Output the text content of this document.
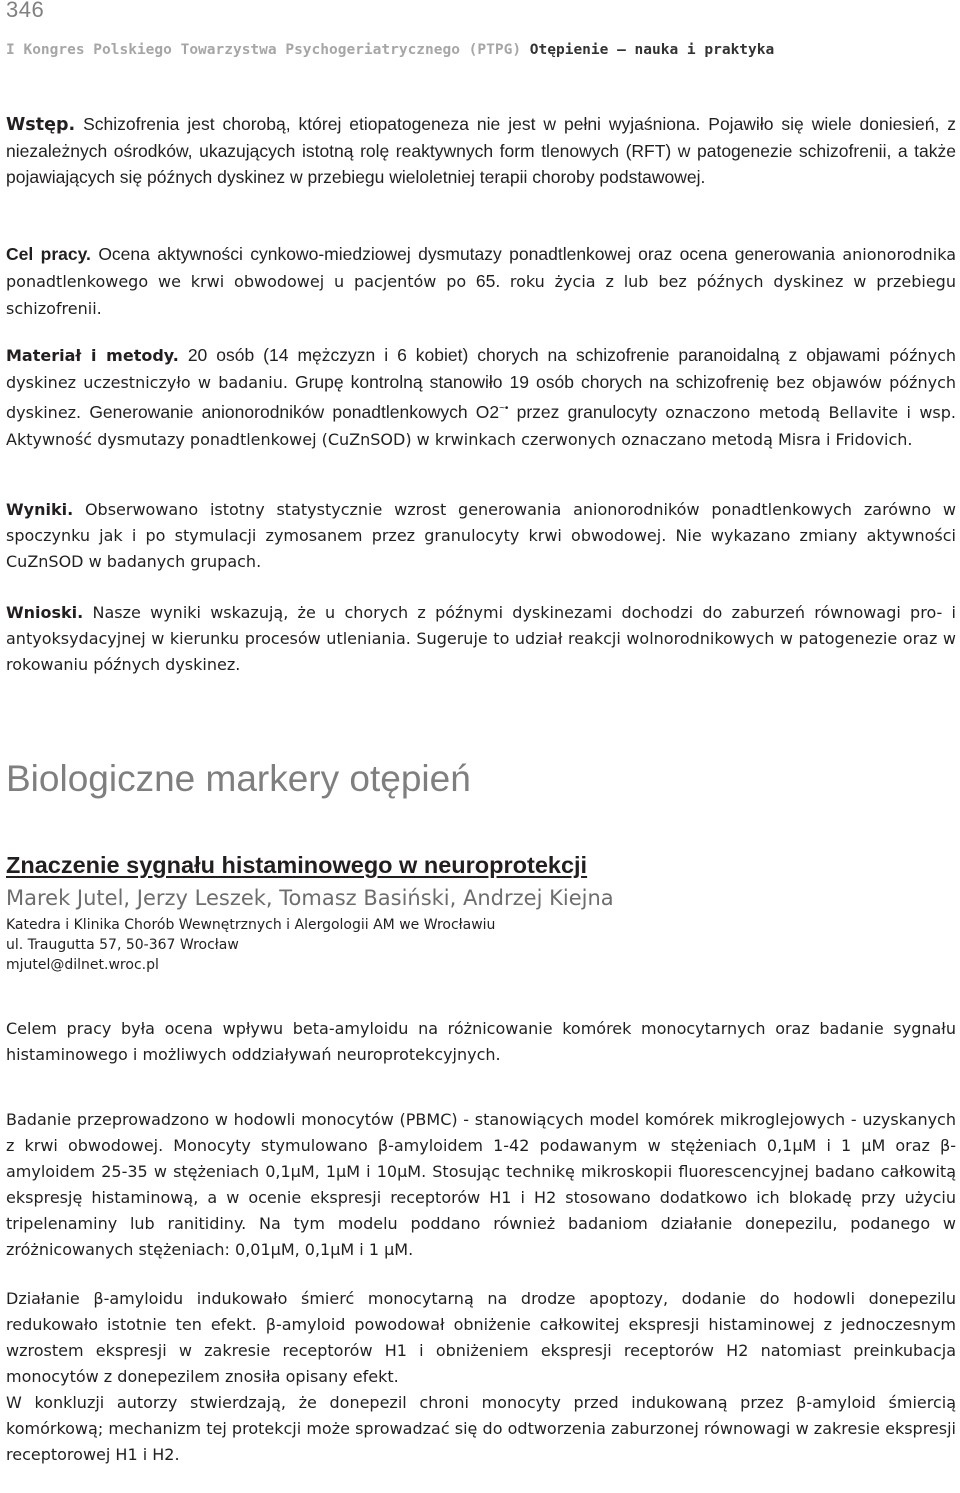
346
I Kongres Polskiego Towarzystwa Psychogeriatrycznego (PTPG) Otępienie – nauka i praktyka

Wstęp. Schizofrenia jest chorobą, której etiopatogeneza nie jest w pełni wyjaśniona. Pojawiło się wiele doniesień, z niezależnych ośrodków, ukazujących istotną rolę reaktywnych form tlenowych (RFT) w patogenezie schizofrenii, a także pojawiających się późnych dyskinez w przebiegu wieloletniej terapii choroby podstawowej.

Cel pracy. Ocena aktywności cynkowo-miedziowej dysmutazy ponadtlenkowej oraz ocena generowania anionorodnika ponadtlenkowego we krwi obwodowej u pacjentów po 65. roku życia z lub bez późnych dyskinez w przebiegu schizofrenii.

Materiał i metody. 20 osób (14 mężczyzn i 6 kobiet) chorych na schizofrenie paranoidalną z objawami późnych dyskinez uczestniczyło w badaniu. Grupę kontrolną stanowiło 19 osób chorych na schizofrenię bez objawów późnych dyskinez. Generowanie anionorodników ponadtlenkowych O2~• przez granulocyty oznaczono metodą Bellavite i wsp. Aktywność dysmutazy ponadtlenkowej (CuZnSOD) w krwinkach czerwonych oznaczano metodą Misra i Fridovich.

Wyniki. Obserwowano istotny statystycznie wzrost generowania anionorodników ponadtlenkowych zarówno w spoczynku jak i po stymulacji zymosanem przez granulocyty krwi obwodowej. Nie wykazano zmiany aktywności CuZnSOD w badanych grupach.

Wnioski. Nasze wyniki wskazują, że u chorych z późnymi dyskinezami dochodzi do zaburzeń równowagi pro- i antyoksydacyjnej w kierunku procesów utleniania. Sugeruje to udział reakcji wolnorodnikowych w patogenezie oraz w rokowaniu późnych dyskinez.

Biologiczne markery otępień
Znaczenie sygnału histaminowego w neuroprotekcji
Marek Jutel, Jerzy Leszek, Tomasz Basiński, Andrzej Kiejna
Katedra i Klinika Chorób Wewnętrznych i Alergologii AM we Wrocławiu
ul. Traugutta 57, 50-367 Wrocław
mjutel@dilnet.wroc.pl

Celem pracy była ocena wpływu beta-amyloidu na różnicowanie komórek monocytarnych oraz badanie sygnału histaminowego i możliwych oddziaływań neuroprotekcyjnych.

Badanie przeprowadzono w hodowli monocytów (PBMC) - stanowiących model komórek mikroglejowych - uzyskanych z krwi obwodowej. Monocyty stymulowano β-amyloidem 1-42 podawanym w stężeniach 0,1µM i 1 µM oraz β-amyloidem 25-35 w stężeniach 0,1µM, 1µM i 10µM. Stosując technikę mikroskopii fluorescencyjnej badano całkowitą ekspresję histaminową, a w ocenie ekspresji receptorów H1 i H2 stosowano dodatkowo ich blokadę przy użyciu tripelenaminy lub ranitidiny. Na tym modelu poddano również badaniom działanie donepezilu, podanego w zróżnicowanych stężeniach: 0,01µM, 0,1µM i 1 µM.

Działanie β-amyloidu indukowało śmierć monocytarną na drodze apoptozy, dodanie do hodowli donepezilu redukowało istotnie ten efekt. β-amyloid powodował obniżenie całkowitej ekspresji histaminowej z jednoczesnym wzrostem ekspresji w zakresie receptorów H1 i obniżeniem ekspresji receptorów H2 natomiast preinkubacja monocytów z donepezilem znosiła opisany efekt.

W konkluzji autorzy stwierdzają, że donepezil chroni monocyty przed indukowaną przez β-amyloid śmiercią komórkową; mechanizm tej protekcji może sprowadzać się do odtworzenia zaburzonej równowagi w zakresie ekspresji receptorowej H1 i H2.
